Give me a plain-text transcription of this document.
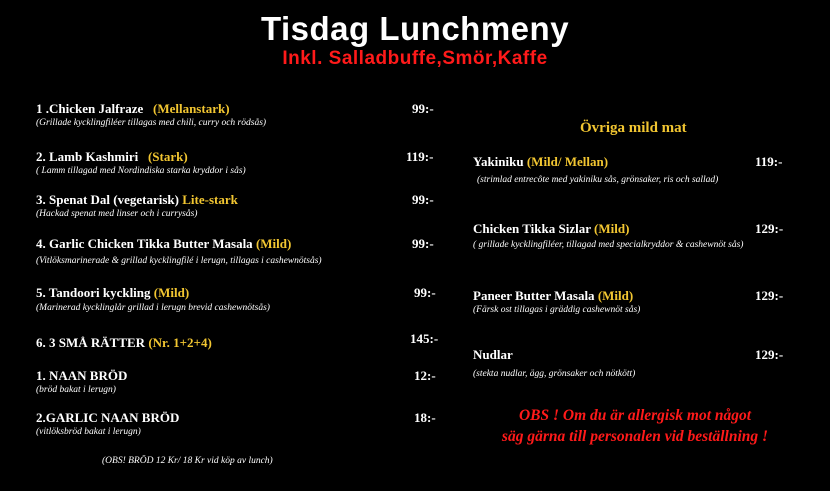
Tisdag Lunchmeny
Inkl. Salladbuffe,Smör,Kaffe
1 .Chicken Jalfraze (Mellanstark)
(Grillade kycklingfiléer tillagas med chili, curry och rödsås)
99:-
2. Lamb Kashmiri (Stark)
( Lamm tillagad med Nordindiska starka kryddor i sås)
119:-
3. Spenat Dal (vegetarisk) Lite-stark
(Hackad spenat med linser och i currysås)
99:-
4. Garlic Chicken Tikka Butter Masala (Mild)
(Vitlöksmarinerade & grillad kycklingfilé i lerugn, tillagas i cashewnötsås)
99:-
5. Tandoori kyckling (Mild)
(Marinerad kycklinglår grillad i lerugn brevid cashewnötsås)
99:-
6. 3 SMÅ RÄTTER (Nr. 1+2+4)	145:-
1. NAAN BRÖD
(bröd bakat i lerugn)
12:-
2.GARLIC NAAN BRÖD
(vitlöksbröd bakat i lerugn)
18:-
(OBS! BRÖD 12 Kr/ 18 Kr vid köp av lunch)
Övriga mild mat
Yakiniku (Mild/ Mellan)
(strimlad entrecôte med yakiniku sås, grönsaker, ris och sallad)
119:-
Chicken Tikka Sizlar (Mild)
( grillade kycklingfiléer, tillagad med specialkryddor & cashewnöt sås)
129:-
Paneer Butter Masala (Mild)
(Färsk ost tillagas i gräddig cashewnöt sås)
129:-
Nudlar
(stekta nudlar, ägg, grönsaker och nötkött)
129:-
OBS ! Om du är allergisk mot något
säg gärna till personalen vid beställning !
